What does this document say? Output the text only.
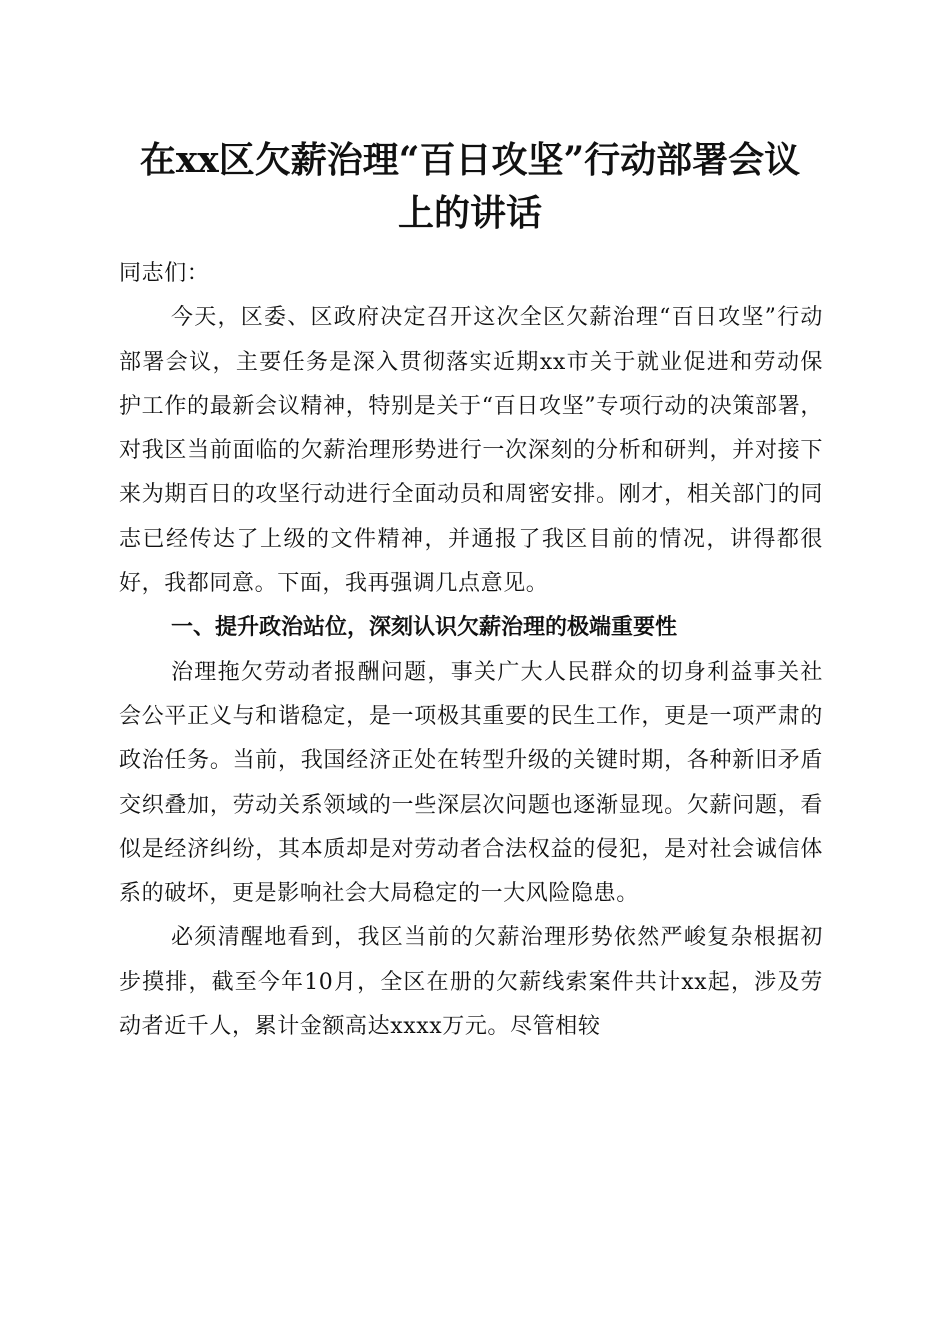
在xx区欠薪治理“百日攻坚”行动部署会议
上的讲话

同志们：

今天，区委、区政府决定召开这次全区欠薪治理“百日攻坚”行动部署会议，主要任务是深入贯彻落实近期xx市关于就业促进和劳动保护工作的最新会议精神，特别是关于“百日攻坚”专项行动的决策部署，对我区当前面临的欠薪治理形势进行一次深刻的分析和研判，并对接下来为期百日的攻坚行动进行全面动员和周密安排。刚才，相关部门的同志已经传达了上级的文件精神，并通报了我区目前的情况，讲得都很好，我都同意。下面，我再强调几点意见。

一、提升政治站位，深刻认识欠薪治理的极端重要性

治理拖欠劳动者报酬问题，事关广大人民群众的切身利益事关社会公平正义与和谐稳定，是一项极其重要的民生工作，更是一项严肃的政治任务。当前，我国经济正处在转型升级的关键时期，各种新旧矛盾交织叠加，劳动关系领域的一些深层次问题也逐渐显现。欠薪问题，看似是经济纠纷，其本质却是对劳动者合法权益的侵犯，是对社会诚信体系的破坏，更是影响社会大局稳定的一大风险隐患。

必须清醒地看到，我区当前的欠薪治理形势依然严峻复杂根据初步摸排，截至今年10月，全区在册的欠薪线索案件共计xx起，涉及劳动者近千人，累计金额高达xxxx万元。尽管相较
